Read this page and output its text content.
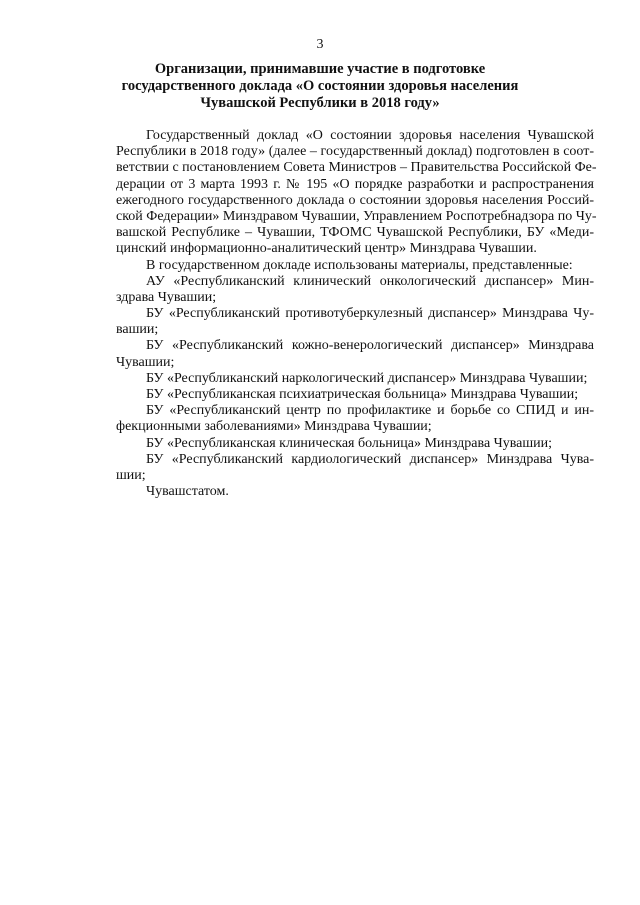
3
Организации, принимавшие участие в подготовке
государственного доклада «О состоянии здоровья населения
Чувашской Республики в 2018 году»
Государственный доклад «О состоянии здоровья населения Чувашской
Республики в 2018 году» (далее – государственный доклад) подготовлен в соот-
ветствии с постановлением Совета Министров – Правительства Российской Фе-
дерации от 3 марта 1993 г. № 195 «О порядке разработки и распространения
ежегодного государственного доклада о состоянии здоровья населения Россий-
ской Федерации» Минздравом Чувашии, Управлением Роспотребнадзора по Чу-
вашской Республике – Чувашии, ТФОМС Чувашской Республики, БУ «Меди-
цинский информационно-аналитический центр» Минздрава Чувашии.
В государственном докладе использованы материалы, представленные:
АУ «Республиканский клинический онкологический диспансер» Мин-
здрава Чувашии;
БУ «Республиканский противотуберкулезный диспансер» Минздрава Чу-
вашии;
БУ «Республиканский кожно-венерологический диспансер» Минздрава
Чувашии;
БУ «Республиканский наркологический диспансер» Минздрава Чувашии;
БУ «Республиканская психиатрическая больница» Минздрава Чувашии;
БУ «Республиканский центр по профилактике и борьбе со СПИД и ин-
фекционными заболеваниями» Минздрава Чувашии;
БУ «Республиканская клиническая больница» Минздрава Чувашии;
БУ «Республиканский кардиологический диспансер» Минздрава Чува-
шии;
Чувашстатом.
